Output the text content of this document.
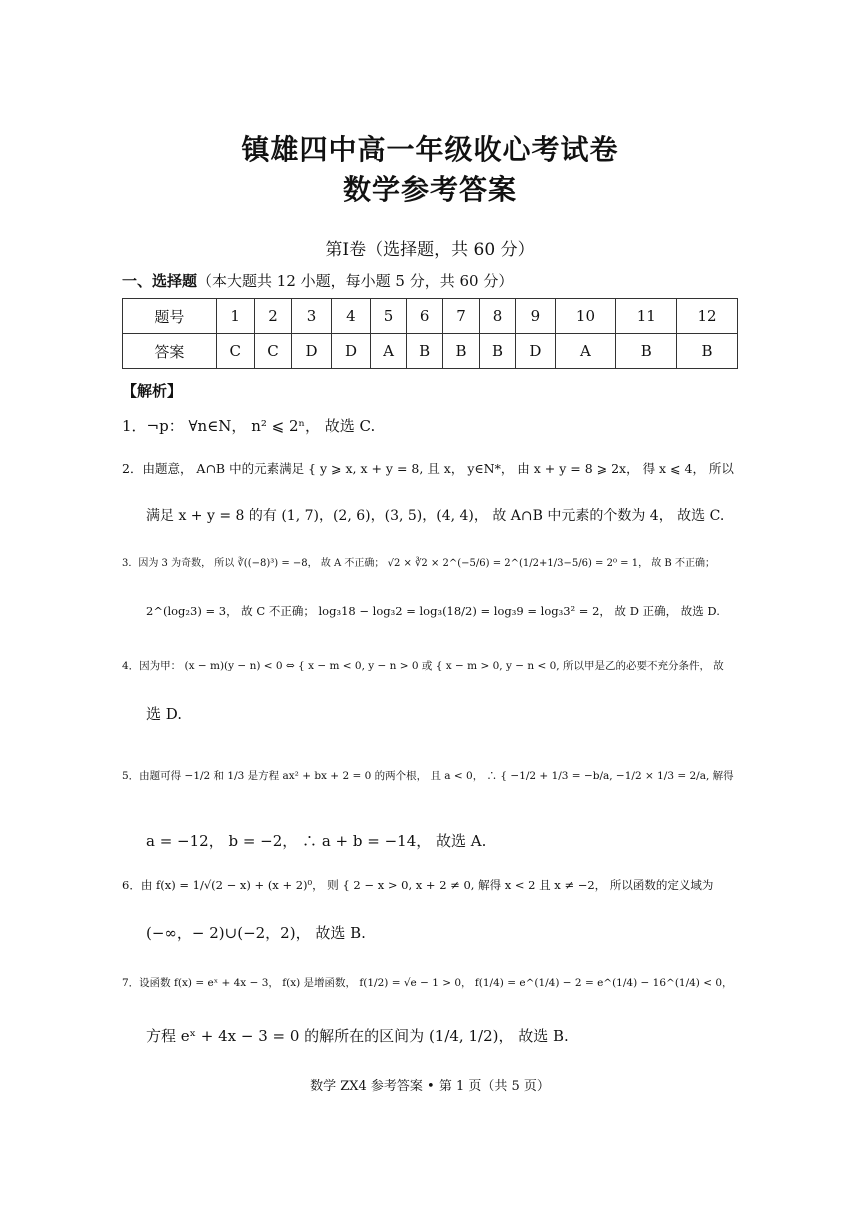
镇雄四中高一年级收心考试卷
数学参考答案
第Ⅰ卷（选择题，共 60 分）
一、选择题（本大题共 12 小题，每小题 5 分，共 60 分）
题号	1	2	3	4	5	6	7	8	9	10	11	12
答案	C	C	D	D	A	B	B	B	D	A	B	B
【解析】
1．¬p： ∀n∈N， n² ⩽ 2ⁿ， 故选 C.
2．由题意， A∩B 中的元素满足 { y ⩾ x, x + y = 8, 且 x， y∈N*， 由 x + y = 8 ⩾ 2x， 得 x ⩽ 4， 所以
满足 x + y = 8 的有 (1, 7)，(2, 6)，(3, 5)，(4, 4)， 故 A∩B 中元素的个数为 4， 故选 C.
3．因为 3 为奇数， 所以 ∛((−8)³) = −8， 故 A 不正确； √2 × ∛2 × 2^(−5/6) = 2^(1/2+1/3−5/6) = 2⁰ = 1， 故 B 不正确；
2^(log₂3) = 3， 故 C 不正确； log₃18 − log₃2 = log₃(18/2) = log₃9 = log₃3² = 2， 故 D 正确， 故选 D.
4．因为甲： (x − m)(y − n) < 0 ⇔ { x − m < 0, y − n > 0 或 { x − m > 0, y − n < 0, 所以甲是乙的必要不充分条件， 故
选 D.
5．由题可得 −1/2 和 1/3 是方程 ax² + bx + 2 = 0 的两个根， 且 a < 0， ∴ { −1/2 + 1/3 = −b/a, −1/2 × 1/3 = 2/a, 解得
a = −12， b = −2， ∴ a + b = −14， 故选 A.
6．由 f(x) = 1/√(2 − x) + (x + 2)⁰， 则 { 2 − x > 0, x + 2 ≠ 0, 解得 x < 2 且 x ≠ −2， 所以函数的定义域为
(−∞，− 2)∪(−2，2)， 故选 B.
7．设函数 f(x) = eˣ + 4x − 3， f(x) 是增函数， f(1/2) = √e − 1 > 0， f(1/4) = e^(1/4) − 2 = e^(1/4) − 16^(1/4) < 0，
方程 eˣ + 4x − 3 = 0 的解所在的区间为 (1/4, 1/2)， 故选 B.
数学 ZX4 参考答案 • 第 1 页（共 5 页）
